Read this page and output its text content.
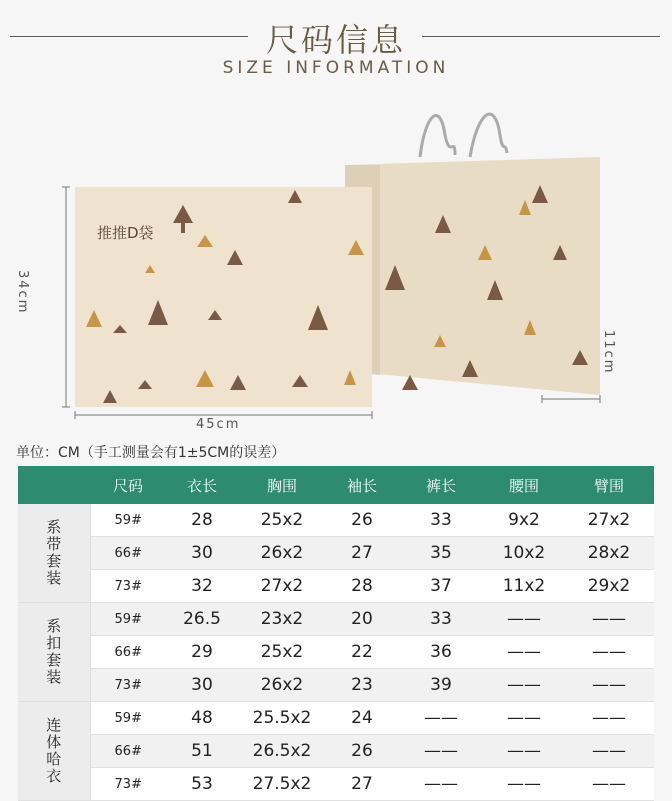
尺码信息
SIZE INFORMATION
推推D袋
34cm
45cm
11cm
单位：CM（手工测量会有1±5CM的误差）
	尺码	衣长	胸围	袖长	裤长	腰围	臂围
系带套装	59#	28	25x2	26	33	9x2	27x2
	66#	30	26x2	27	35	10x2	28x2
	73#	32	27x2	28	37	11x2	29x2
系扣套装	59#	26.5	23x2	20	33	——	——
	66#	29	25x2	22	36	——	——
	73#	30	26x2	23	39	——	——
连体哈衣	59#	48	25.5x2	24	——	——	——
	66#	51	26.5x2	26	——	——	——
	73#	53	27.5x2	27	——	——	——
